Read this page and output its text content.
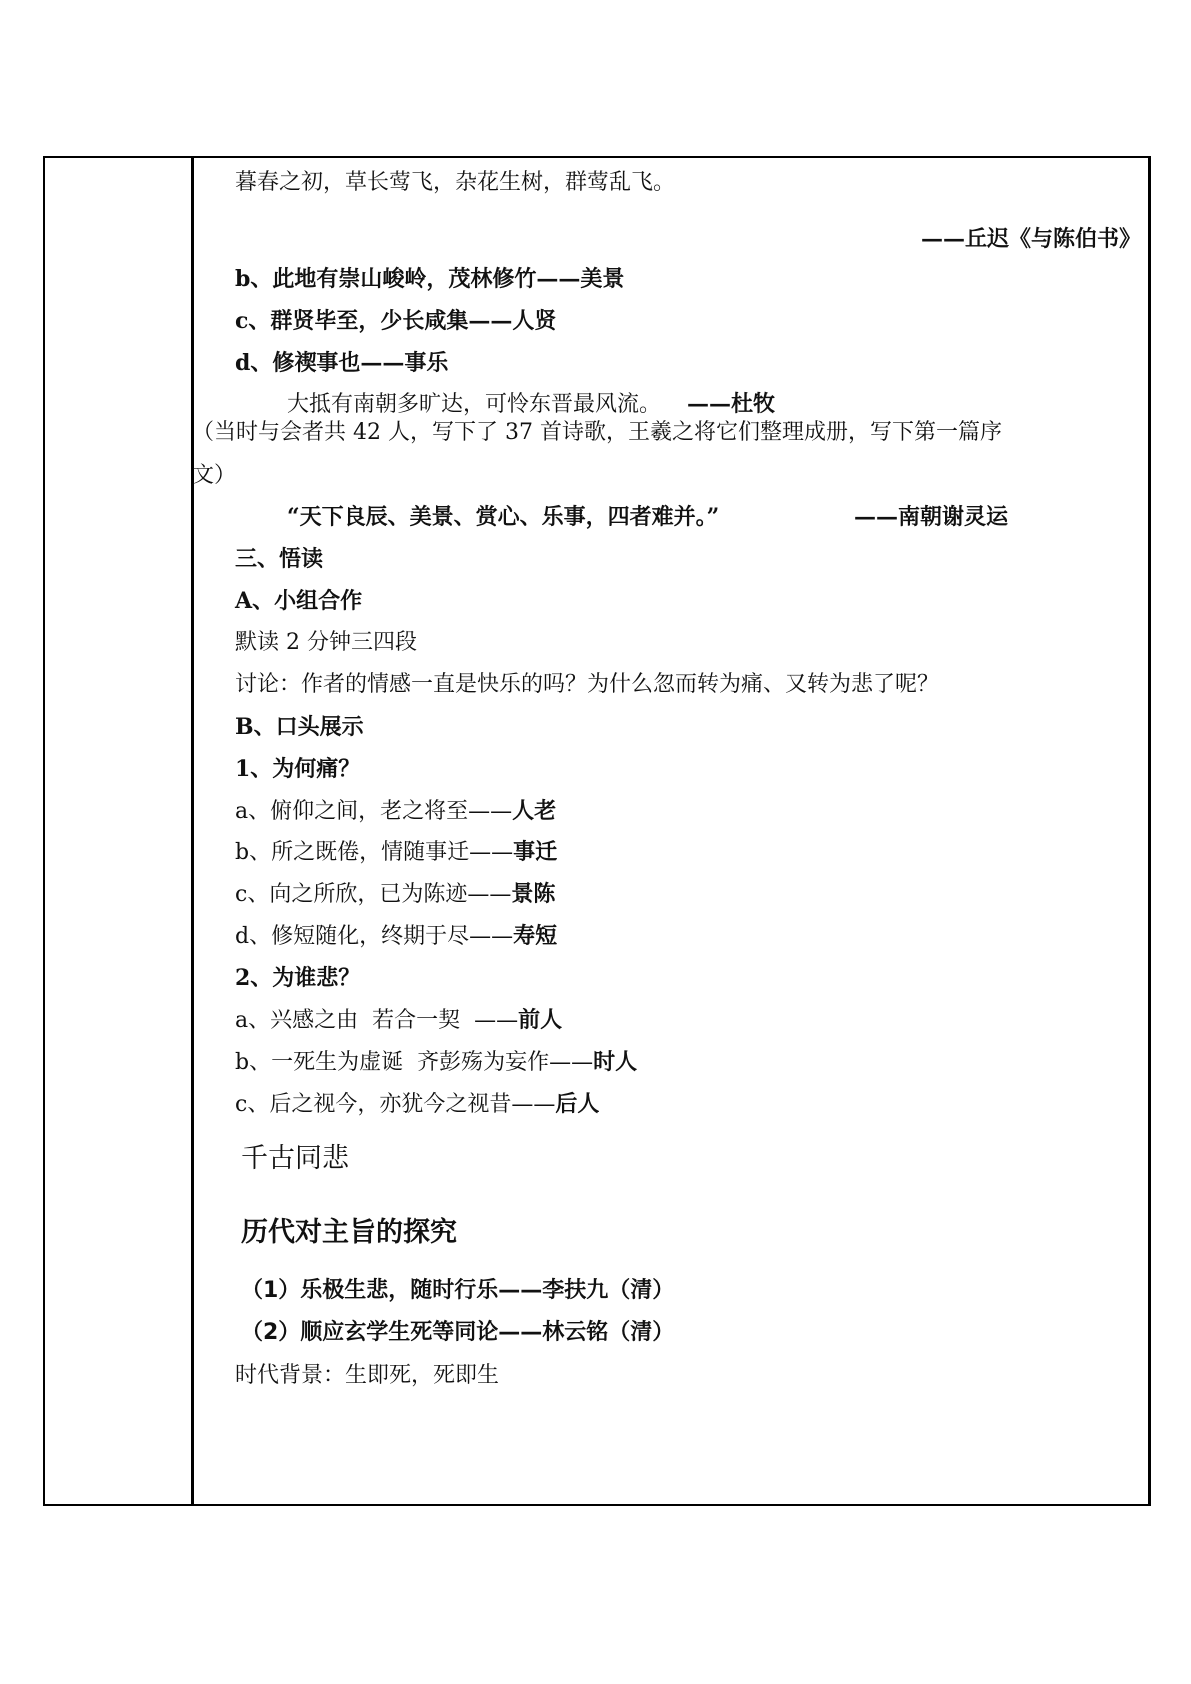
暮春之初，草长莺飞，杂花生树，群莺乱飞。
——丘迟《与陈伯书》
b、此地有崇山峻岭，茂林修竹——美景
c、群贤毕至，少长咸集——人贤
d、修禊事也——事乐
大抵有南朝多旷达，可怜东晋最风流。 ——杜牧
（当时与会者共 42 人，写下了 37 首诗歌，王羲之将它们整理成册，写下第一篇序
文）
“天下良辰、美景、赏心、乐事，四者难并。”	——南朝谢灵运
三、悟读
A、小组合作
默读 2 分钟三四段
讨论：作者的情感一直是快乐的吗？为什么忽而转为痛、又转为悲了呢？
B、口头展示
1、为何痛？
a、俯仰之间，老之将至——人老
b、所之既倦，情随事迁——事迁
c、向之所欣，已为陈迹——景陈
d、修短随化，终期于尽——寿短
2、为谁悲？
a、兴感之由  若合一契  ——前人
b、一死生为虚诞  齐彭殇为妄作——时人
c、后之视今，亦犹今之视昔——后人
千古同悲
历代对主旨的探究
（1）乐极生悲，随时行乐——李扶九（清）
（2）顺应玄学生死等同论——林云铭（清）
时代背景：生即死，死即生
